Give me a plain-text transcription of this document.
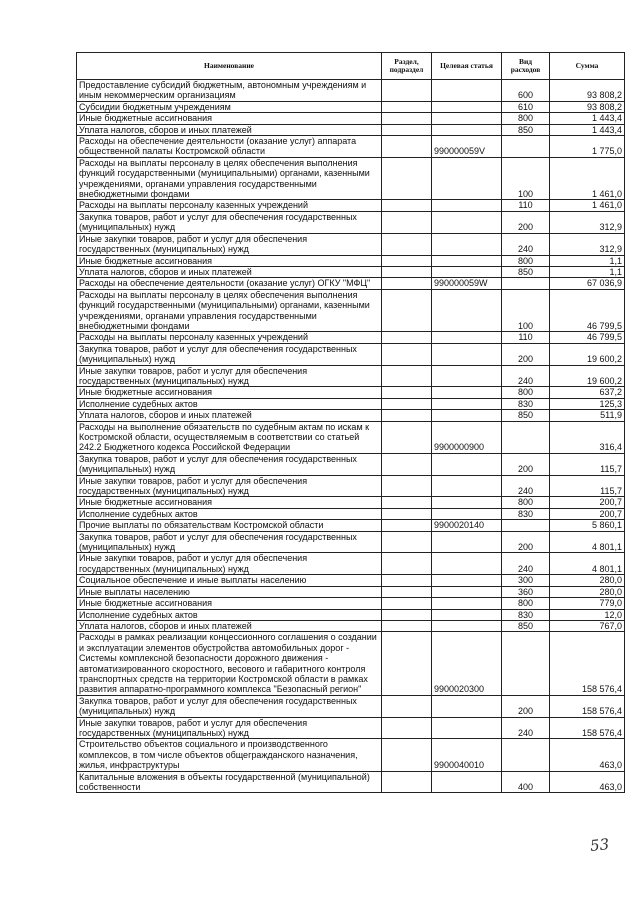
Наименование	Раздел, подраздел	Целевая статья	Вид расходов	Сумма
Предоставление субсидий бюджетным, автономным учреждениям и иным некоммерческим организациям			600	93 808,2
Субсидии бюджетным учреждениям			610	93 808,2
Иные бюджетные ассигнования			800	1 443,4
Уплата налогов, сборов и иных платежей			850	1 443,4
Расходы на обеспечение деятельности (оказание услуг) аппарата общественной палаты Костромской области		990000059V		1 775,0
Расходы на выплаты персоналу в целях обеспечения выполнения функций государственными (муниципальными) органами, казенными учреждениями, органами управления государственными внебюджетными фондами			100	1 461,0
Расходы на выплаты персоналу казенных учреждений			110	1 461,0
Закупка товаров, работ и услуг для обеспечения государственных (муниципальных) нужд			200	312,9
Иные закупки товаров, работ и услуг для обеспечения государственных (муниципальных) нужд			240	312,9
Иные бюджетные ассигнования			800	1,1
Уплата налогов, сборов и иных платежей			850	1,1
Расходы на обеспечение деятельности (оказание услуг) ОГКУ "МФЦ"		990000059W		67 036,9
Расходы на выплаты персоналу в целях обеспечения выполнения функций государственными (муниципальными) органами, казенными учреждениями, органами управления государственными внебюджетными фондами			100	46 799,5
Расходы на выплаты персоналу казенных учреждений			110	46 799,5
Закупка товаров, работ и услуг для обеспечения государственных (муниципальных) нужд			200	19 600,2
Иные закупки товаров, работ и услуг для обеспечения государственных (муниципальных) нужд			240	19 600,2
Иные бюджетные ассигнования			800	637,2
Исполнение судебных актов			830	125,3
Уплата налогов, сборов и иных платежей			850	511,9
Расходы на выполнение обязательств по судебным актам по искам к Костромской области, осуществляемым в соответствии со статьей 242.2 Бюджетного кодекса Российской Федерации		9900000900		316,4
Закупка товаров, работ и услуг для обеспечения государственных (муниципальных) нужд			200	115,7
Иные закупки товаров, работ и услуг для обеспечения государственных (муниципальных) нужд			240	115,7
Иные бюджетные ассигнования			800	200,7
Исполнение судебных актов			830	200,7
Прочие выплаты по обязательствам Костромской области		9900020140		5 860,1
Закупка товаров, работ и услуг для обеспечения государственных (муниципальных) нужд			200	4 801,1
Иные закупки товаров, работ и услуг для обеспечения государственных (муниципальных) нужд			240	4 801,1
Социальное обеспечение и иные выплаты населению			300	280,0
Иные выплаты населению			360	280,0
Иные бюджетные ассигнования			800	779,0
Исполнение судебных актов			830	12,0
Уплата налогов, сборов и иных платежей			850	767,0
Расходы в рамках реализации концессионного соглашения о создании и эксплуатации элементов обустройства автомобильных дорог - Системы комплексной безопасности дорожного движения - автоматизированного скоростного, весового и габаритного контроля транспортных средств на территории Костромской области в рамках развития аппаратно-программного комплекса "Безопасный регион"		9900020300		158 576,4
Закупка товаров, работ и услуг для обеспечения государственных (муниципальных) нужд			200	158 576,4
Иные закупки товаров, работ и услуг для обеспечения государственных (муниципальных) нужд			240	158 576,4
Строительство объектов социального и производственного комплексов, в том числе объектов общегражданского назначения, жилья, инфраструктуры		9900040010		463,0
Капитальные вложения в объекты государственной (муниципальной) собственности			400	463,0
53
